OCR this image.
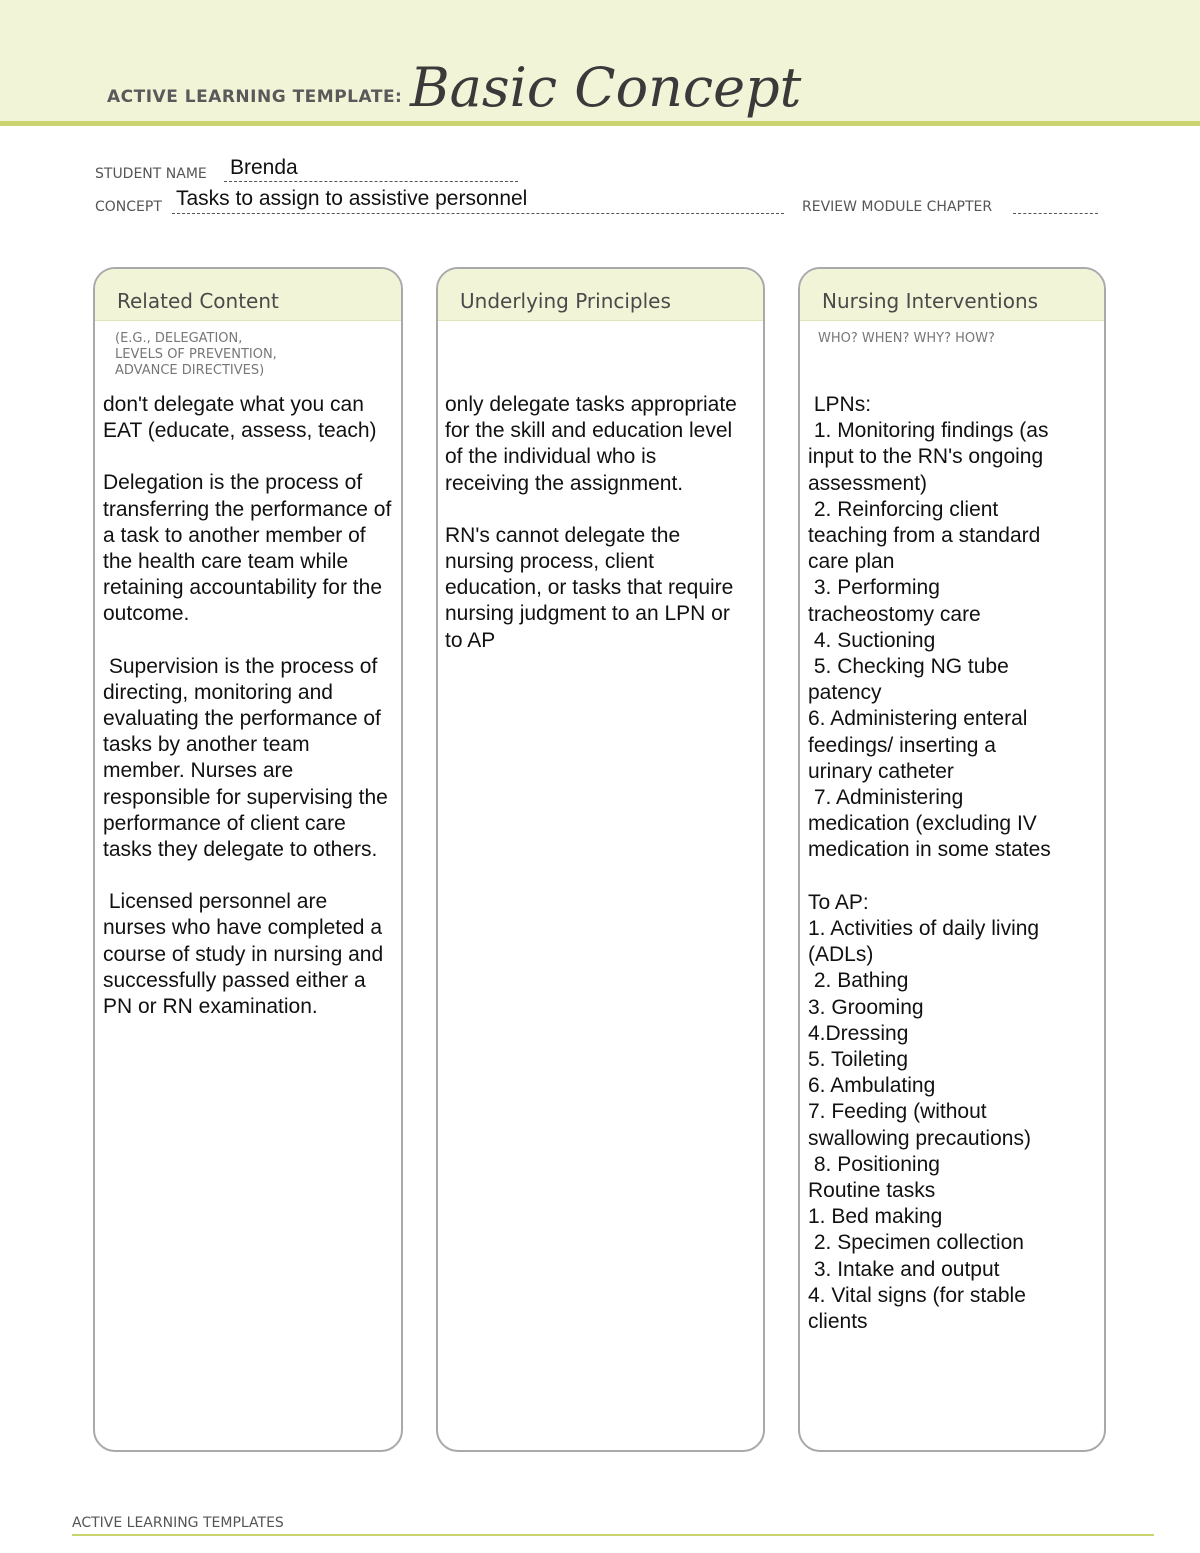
ACTIVE LEARNING TEMPLATE: Basic Concept
STUDENT NAME Brenda
CONCEPT Tasks to assign to assistive personnel	REVIEW MODULE CHAPTER
Related Content
(E.G., DELEGATION,
LEVELS OF PREVENTION,
ADVANCE DIRECTIVES)

don't delegate what you can EAT (educate, assess, teach)

Delegation is the process of transferring the performance of a task to another member of the health care team while retaining accountability for the outcome.

Supervision is the process of directing, monitoring and evaluating the performance of tasks by another team member. Nurses are responsible for supervising the performance of client care tasks they delegate to others.

Licensed personnel are nurses who have completed a course of study in nursing and successfully passed either a PN or RN examination.

Underlying Principles

only delegate tasks appropriate for the skill and education level of the individual who is receiving the assignment.

RN's cannot delegate the nursing process, client education, or tasks that require nursing judgment to an LPN or to AP

Nursing Interventions
WHO? WHEN? WHY? HOW?

LPNs:

1. Monitoring findings (as

input to the RN's ongoing

assessment)

2. Reinforcing client

teaching from a standard

care plan

3. Performing

tracheostomy care

4. Suctioning

5. Checking NG tube

patency

6. Administering enteral

feedings/ inserting a

urinary catheter

7. Administering

medication (excluding IV

medication in some states

To AP:

1. Activities of daily living

(ADLs)

2. Bathing

3. Grooming

4.Dressing

5. Toileting

6. Ambulating

7. Feeding (without

swallowing precautions)

8. Positioning

Routine tasks

1. Bed making

2. Specimen collection

3. Intake and output

4. Vital signs (for stable

clients

ACTIVE LEARNING TEMPLATES
